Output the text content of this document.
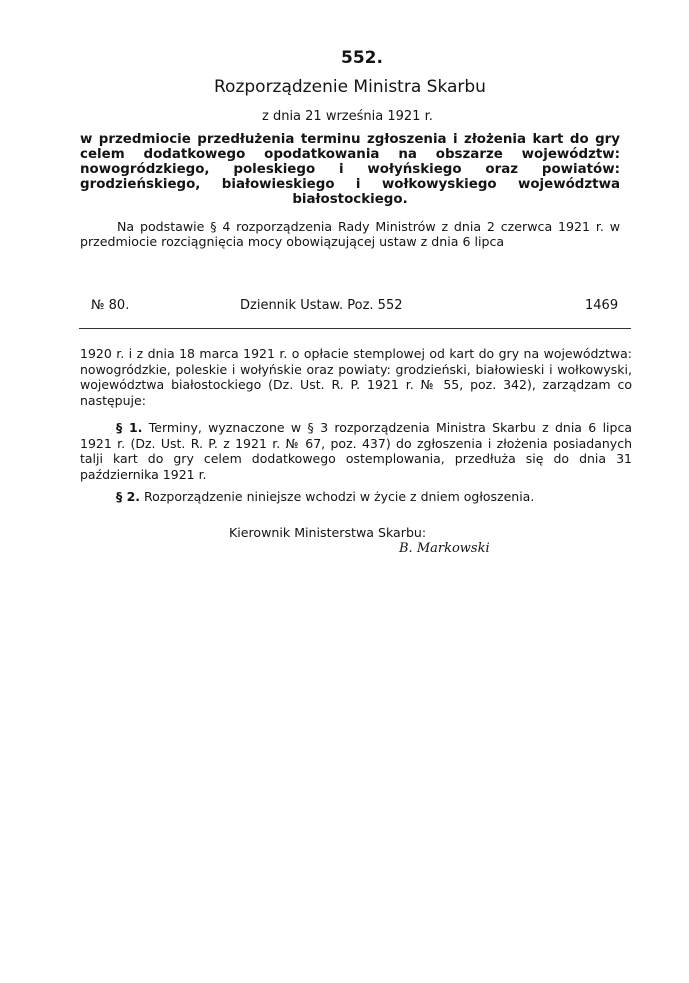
552.
Rozporządzenie Ministra Skarbu
z dnia 21 września 1921 r.
w przedmiocie przedłużenia terminu zgłoszenia i złożenia kart do gry celem dodatkowego opodatkowania na obszarze województw: nowogródzkiego, poleskiego i wołyńskiego oraz powiatów: grodzieńskiego, białowieskiego i wołkowyskiego województwa białostockiego.
Na podstawie § 4 rozporządzenia Rady Ministrów z dnia 2 czerwca 1921 r. w przedmiocie rozciągnięcia mocy obowiązującej ustaw z dnia 6 lipca
№ 80.	Dziennik Ustaw. Poz. 552	1469
1920 r. i z dnia 18 marca 1921 r. o opłacie stemplowej od kart do gry na województwa: nowogródzkie, poleskie i wołyńskie oraz powiaty: grodzieński, białowieski i wołkowyski, województwa białostockiego (Dz. Ust. R. P. 1921 r. № 55, poz. 342), zarządzam co następuje:
§ 1. Terminy, wyznaczone w § 3 rozporządzenia Ministra Skarbu z dnia 6 lipca 1921 r. (Dz. Ust. R. P. z 1921 r. № 67, poz. 437) do zgłoszenia i złożenia posiadanych talji kart do gry celem dodatkowego ostemplowania, przedłuża się do dnia 31 października 1921 r.
§ 2. Rozporządzenie niniejsze wchodzi w życie z dniem ogłoszenia.
Kierownik Ministerstwa Skarbu:
B. Markowski
